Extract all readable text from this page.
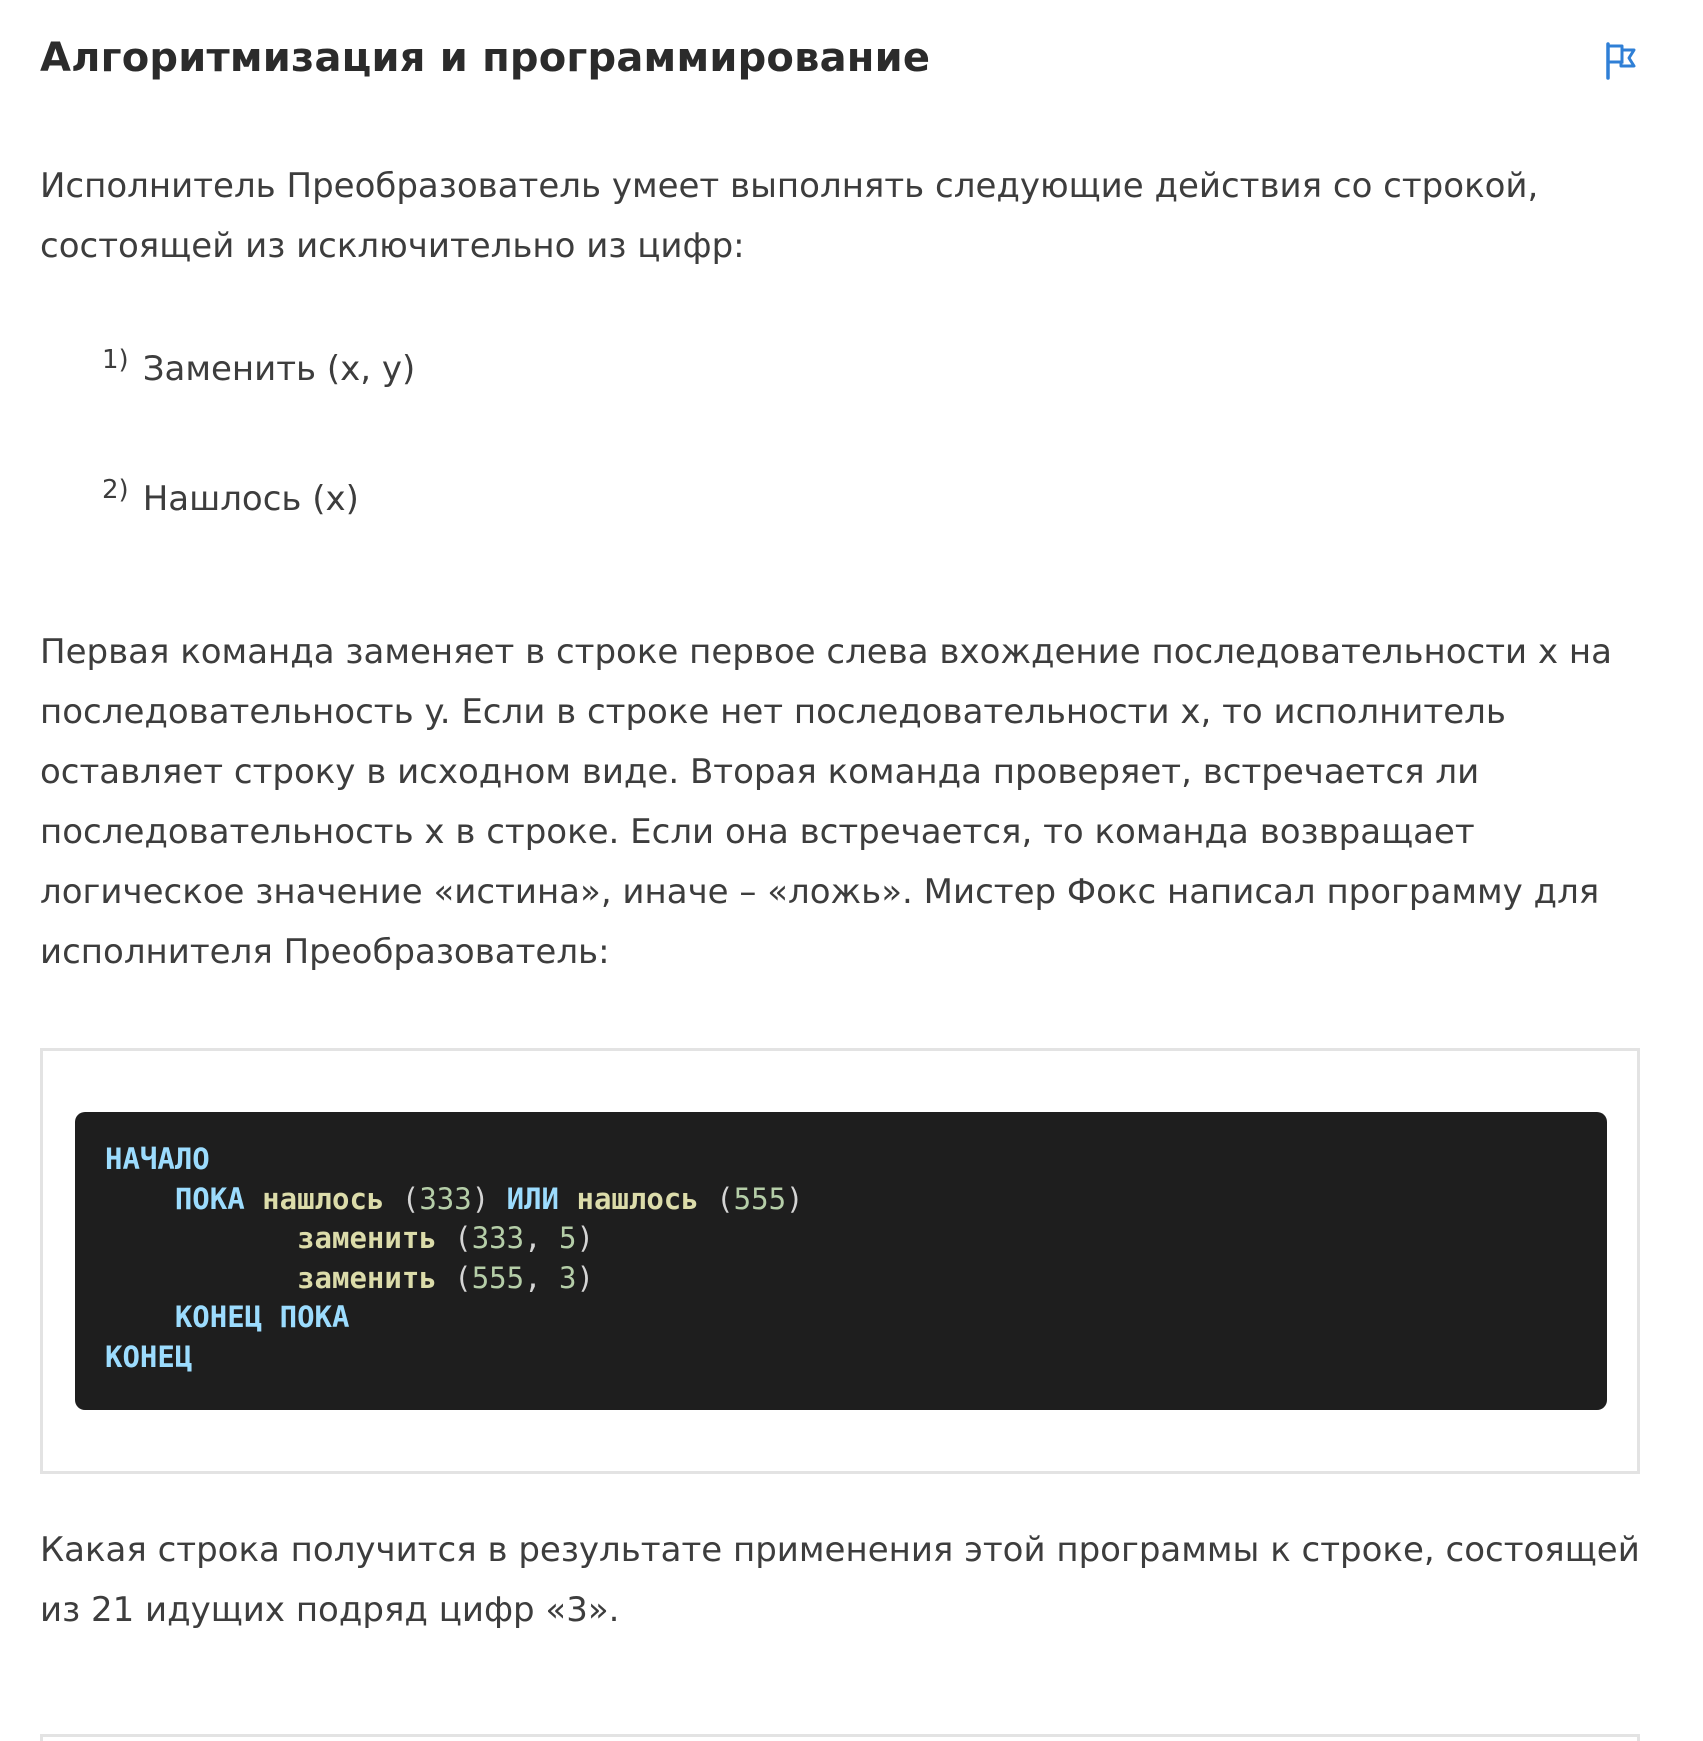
Алгоритмизация и программирование

Исполнитель Преобразователь умеет выполнять следующие действия со строкой, состоящей из исключительно из цифр:

1) Заменить (x, y)
2) Нашлось (x)

Первая команда заменяет в строке первое слева вхождение последовательности x на последовательность y. Если в строке нет последовательности x, то исполнитель оставляет строку в исходном виде. Вторая команда проверяет, встречается ли последовательность x в строке. Если она встречается, то команда возвращает логическое значение «истина», иначе – «ложь». Мистер Фокс написал программу для исполнителя Преобразователь:

НАЧАЛО
ПОКА нашлось (333) ИЛИ нашлось (555)
заменить (333, 5)
заменить (555, 3)
КОНЕЦ ПОКА
КОНЕЦ

Какая строка получится в результате применения этой программы к строке, состоящей из 21 идущих подряд цифр «3».
